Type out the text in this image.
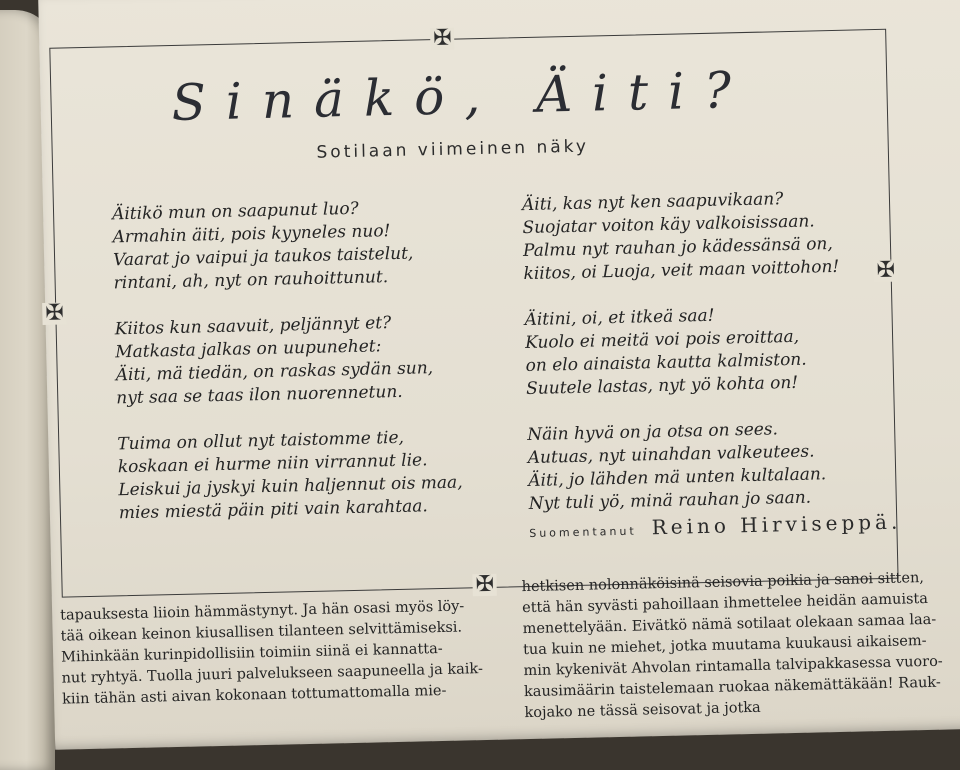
✠
✠
✠
✠
Sinäkö, Äiti?
Sotilaan viimeinen näky
Äitikö mun on saapunut luo?
Armahin äiti, pois kyyneles nuo!
Vaarat jo vaipui ja taukos taistelut,
rintani, ah, nyt on rauhoittunut.
Kiitos kun saavuit, peljännyt et?
Matkasta jalkas on uupunehet:
Äiti, mä tiedän, on raskas sydän sun,
nyt saa se taas ilon nuorennetun.
Tuima on ollut nyt taistomme tie,
koskaan ei hurme niin virrannut lie.
Leiskui ja jyskyi kuin haljennut ois maa,
mies miestä päin piti vain karahtaa.
Äiti, kas nyt ken saapuvikaan?
Suojatar voiton käy valkoisissaan.
Palmu nyt rauhan jo kädessänsä on,
kiitos, oi Luoja, veit maan voittohon!
Äitini, oi, et itkeä saa!
Kuolo ei meitä voi pois eroittaa,
on elo ainaista kautta kalmiston.
Suutele lastas, nyt yö kohta on!
Näin hyvä on ja otsa on sees.
Autuas, nyt uinahdan valkeutees.
Äiti, jo lähden mä unten kultalaan.
Nyt tuli yö, minä rauhan jo saan.
Suomentanut Reino Hirviseppä.
tapauksesta liioin hämmästynyt. Ja hän osasi myös löy-
tää oikean keinon kiusallisen tilanteen selvittämiseksi.
Mihinkään kurinpidollisiin toimiin siinä ei kannatta-
nut ryhtyä. Tuolla juuri palvelukseen saapuneella ja kaik-
kiin tähän asti aivan kokonaan tottumattomalla mie-
hetkisen nolonnäköisinä seisovia poikia ja sanoi sitten,
että hän syvästi pahoillaan ihmettelee heidän aamuista
menettelyään. Eivätkö nämä sotilaat olekaan samaa laa-
tua kuin ne miehet, jotka muutama kuukausi aikaisem-
min kykenivät Ahvolan rintamalla talvipakkasessa vuoro-
kausimäärin taistelemaan ruokaa näkemättäkään! Rauk-
kojako ne tässä seisovat ja jotka
